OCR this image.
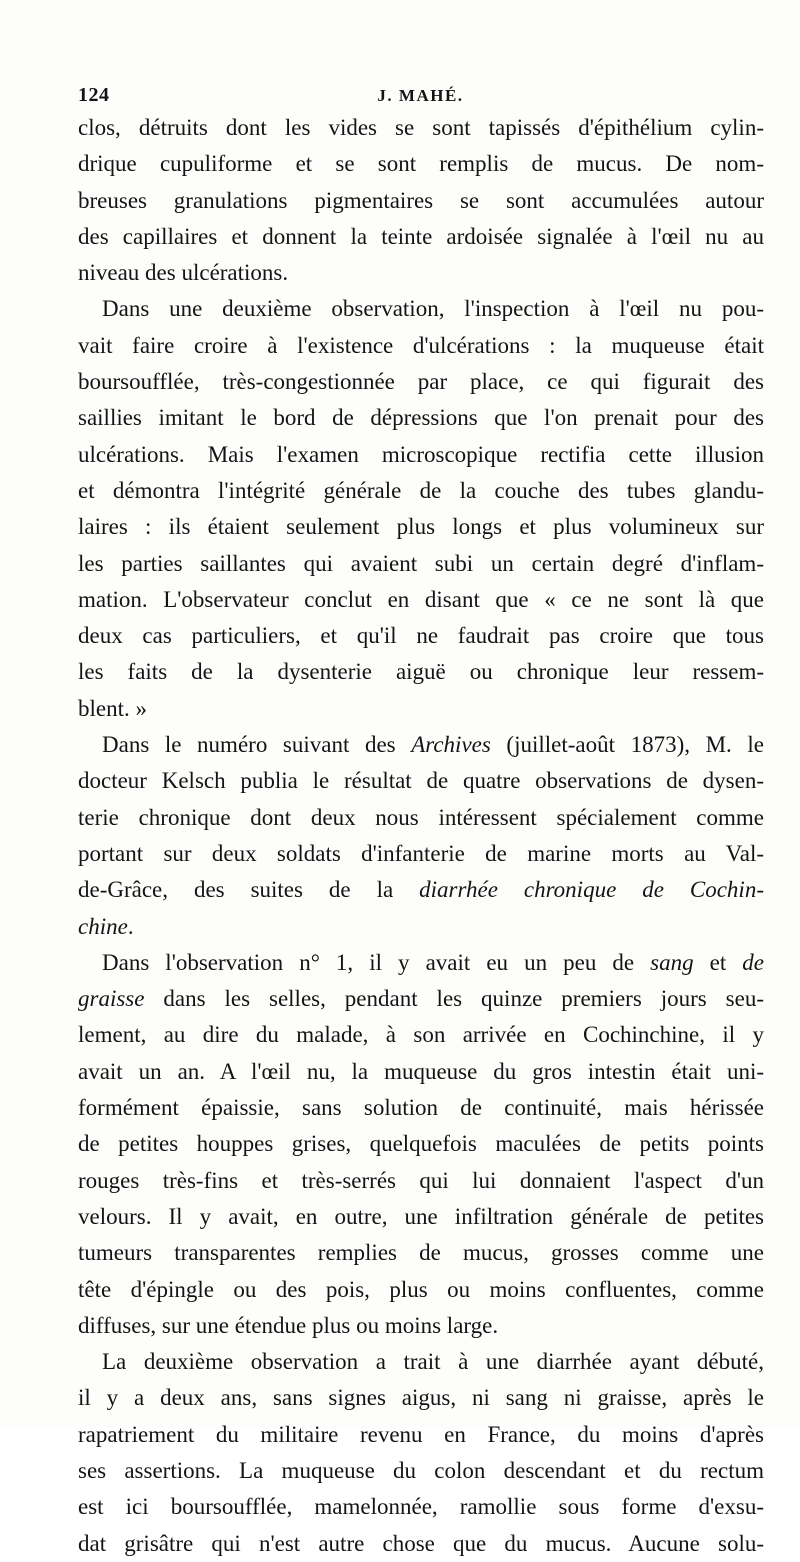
124	J. MAHÉ.
clos, détruits dont les vides se sont tapissés d'épithélium cylin-
drique cupuliforme et se sont remplis de mucus. De nom-
breuses granulations pigmentaires se sont accumulées autour
des capillaires et donnent la teinte ardoisée signalée à l'œil nu au
niveau des ulcérations.
Dans une deuxième observation, l'inspection à l'œil nu pou-
vait faire croire à l'existence d'ulcérations : la muqueuse était
boursoufflée, très-congestionnée par place, ce qui figurait des
saillies imitant le bord de dépressions que l'on prenait pour des
ulcérations. Mais l'examen microscopique rectifia cette illusion
et démontra l'intégrité générale de la couche des tubes glandu-
laires : ils étaient seulement plus longs et plus volumineux sur
les parties saillantes qui avaient subi un certain degré d'inflam-
mation. L'observateur conclut en disant que « ce ne sont là que
deux cas particuliers, et qu'il ne faudrait pas croire que tous
les faits de la dysenterie aiguë ou chronique leur ressem-
blent. »
Dans le numéro suivant des Archives (juillet-août 1873), M. le
docteur Kelsch publia le résultat de quatre observations de dysen-
terie chronique dont deux nous intéressent spécialement comme
portant sur deux soldats d'infanterie de marine morts au Val-
de-Grâce, des suites de la diarrhée chronique de Cochin-
chine.
Dans l'observation n° 1, il y avait eu un peu de sang et de
graisse dans les selles, pendant les quinze premiers jours seu-
lement, au dire du malade, à son arrivée en Cochinchine, il y
avait un an. A l'œil nu, la muqueuse du gros intestin était uni-
formément épaissie, sans solution de continuité, mais hérissée
de petites houppes grises, quelquefois maculées de petits points
rouges très-fins et très-serrés qui lui donnaient l'aspect d'un
velours. Il y avait, en outre, une infiltration générale de petites
tumeurs transparentes remplies de mucus, grosses comme une
tête d'épingle ou des pois, plus ou moins confluentes, comme
diffuses, sur une étendue plus ou moins large.
La deuxième observation a trait à une diarrhée ayant débuté,
il y a deux ans, sans signes aigus, ni sang ni graisse, après le
rapatriement du militaire revenu en France, du moins d'après
ses assertions. La muqueuse du colon descendant et du rectum
est ici boursoufflée, mamelonnée, ramollie sous forme d'exsu-
dat grisâtre qui n'est autre chose que du mucus. Aucune solu-
